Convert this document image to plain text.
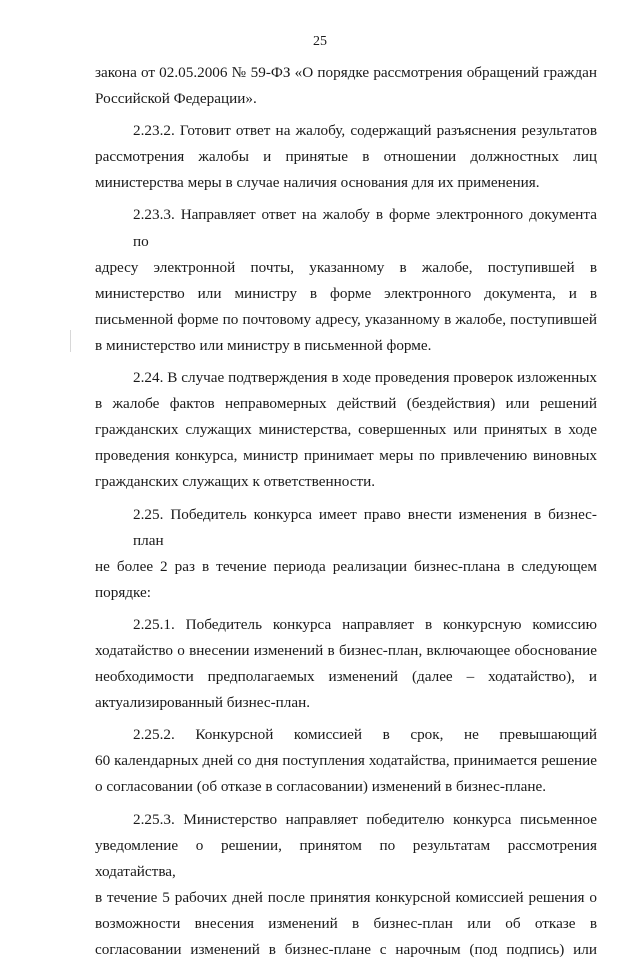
25
закона от 02.05.2006 № 59-ФЗ «О порядке рассмотрения обращений граждан
Российской Федерации».
2.23.2. Готовит ответ на жалобу, содержащий разъяснения результатов
рассмотрения жалобы и принятые в отношении должностных лиц
министерства меры в случае наличия основания для их применения.
2.23.3. Направляет ответ на жалобу в форме электронного документа по
адресу электронной почты, указанному в жалобе, поступившей в
министерство или министру в форме электронного документа, и в
письменной форме по почтовому адресу, указанному в жалобе, поступившей
в министерство или министру в письменной форме.
2.24. В случае подтверждения в ходе проведения проверок изложенных
в жалобе фактов неправомерных действий (бездействия) или решений
гражданских служащих министерства, совершенных или принятых в ходе
проведения конкурса, министр принимает меры по привлечению виновных
гражданских служащих к ответственности.
2.25. Победитель конкурса имеет право внести изменения в бизнес-план
не более 2 раз в течение периода реализации бизнес-плана в следующем
порядке:
2.25.1. Победитель конкурса направляет в конкурсную комиссию
ходатайство о внесении изменений в бизнес-план, включающее обоснование
необходимости предполагаемых изменений (далее – ходатайство), и
актуализированный бизнес-план.
2.25.2. Конкурсной комиссией в срок, не превышающий
60 календарных дней со дня поступления ходатайства, принимается решение
о согласовании (об отказе в согласовании) изменений в бизнес-плане.
2.25.3. Министерство направляет победителю конкурса письменное
уведомление о решении, принятом по результатам рассмотрения ходатайства,
в течение 5 рабочих дней после принятия конкурсной комиссией решения о
возможности внесения изменений в бизнес-план или об отказе в
согласовании изменений в бизнес-плане с нарочным (под подпись) или
